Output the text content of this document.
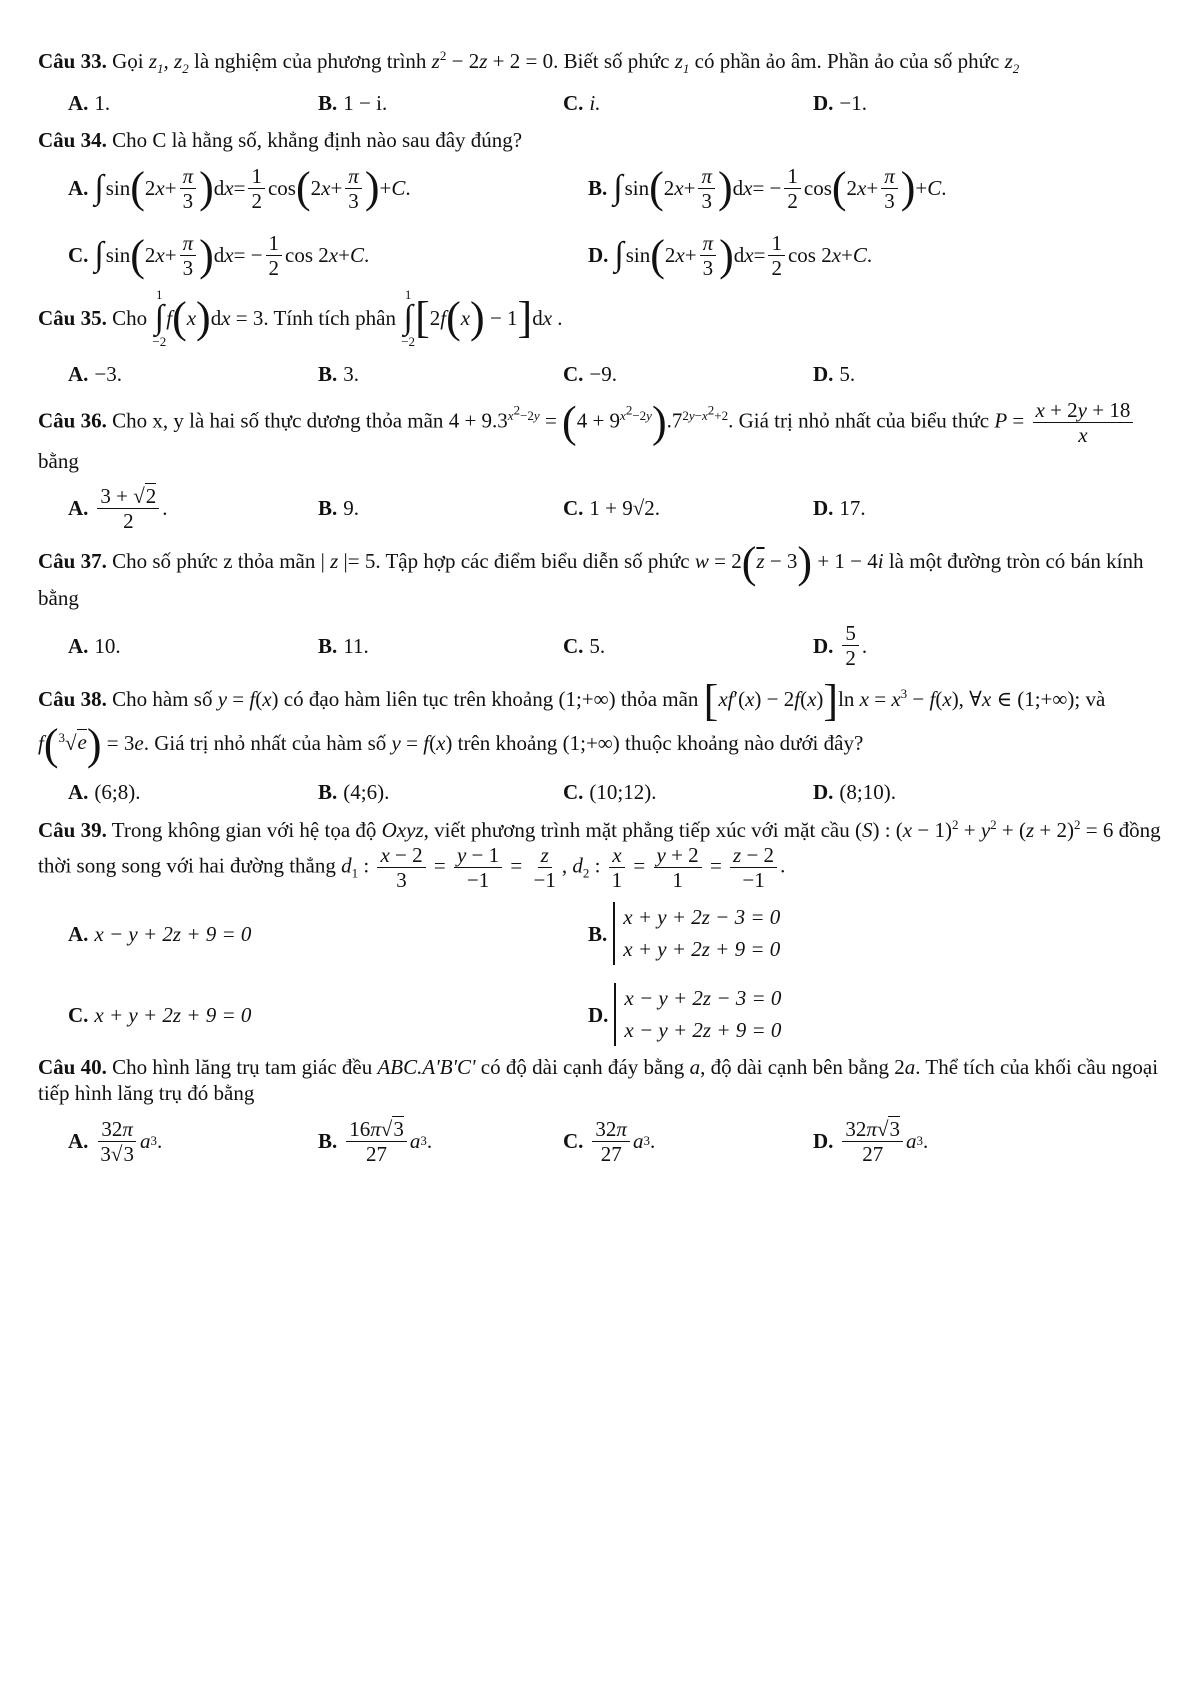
Câu 33. Gọi $z_1$, $z_2$ là nghiệm của phương trình $z^2 - 2z + 2 = 0$. Biết số phức $z_1$ có phần ảo âm. Phần ảo của số phức $z_2$

A. 1.	B. 1 − i.	C. i.	D. −1.

Câu 34. Cho C là hằng số, khẳng định nào sau đây đúng?

A. ∫ sin ( 2 $x + \frac{\pi}{3}$ ) d $x = \frac{1}{2}$ cos ( 2 $x + \frac{\pi}{3}$ ) + C .	B. ∫ sin ( 2 $x + \frac{\pi}{3}$ ) d x = − $\frac{1}{2}$ cos ( 2 $x + \frac{\pi}{3}$ ) + C .
C. ∫ sin ( 2 $x + \frac{\pi}{3}$ ) d x = − $\frac{1}{2}$ cos 2 x + C .	D. ∫ sin ( 2 $x + \frac{\pi}{3}$ ) d $x = \frac{1}{2}$ cos 2 x + C .

Câu 35. Cho
1
∫
−2
f ( x ) d x = 3 . Tính tích phân
1
∫
−2 [ 2 f ( x ) − 1 ] d x .

A. −3.	B. 3.	C. −9.	D. 5.

Câu 36. Cho x, y là hai số thực dương thỏa mãn $4 + 9.3^{x^2-2y} = (4 + 9^{x^2-2y}).7^{2y-x^2+2}$. Giá trị nhỏ nhất của biểu thức $P = \frac{x + 2y + 18}{x}$
bằng

A. $\frac{3 + √2}{2}$ .	B. 9.	C. 1 + 9√2.	D. 17.

Câu 37. Cho số phức z thỏa mãn | z |= 5. Tập hợp các điểm biểu diễn số phức $w = 2(\overline{z} - 3) + 1 - 4i$ là một đường tròn có bán kính bằng

A. 10.	B. 11.	C. 5.	D. $\frac{5}{2}$ .

Câu 38. Cho hàm số y = f(x) có đạo hàm liên tục trên khoảng (1;+∞) thỏa mãn [xf′(x) − 2f(x)]ln $x = x^3 - f(x)$, ∀x ∈ (1;+∞); và f($^3$√e) = 3e. Giá trị nhỏ nhất của hàm số y = f(x) trên khoảng (1;+∞) thuộc khoảng nào dưới đây?

A. (6;8).	B. (4;6).	C. (10;12).	D. (8;10).

Câu 39. Trong không gian với hệ tọa độ Oxyz, viết phương trình mặt phẳng tiếp xúc với mặt cầu (S) : $(x - 1)^2 + y^2 + (z + 2)^2 = 6$ đồng thời song song với hai đường thẳng $d_1$ : $\frac{x - 2}{3} = \frac{y - 1}{-1} = \frac{z}{-1}$ , $d_2$ : $\frac{x}{1} = \frac{y + 2}{1} = \frac{z - 2}{-1}$ .

A. x − y + 2z + 9 = 0	B.
x + y + 2z − 3 = 0
x + y + 2z + 9 = 0
C. x + y + 2z + 9 = 0	D.
x − y + 2z − 3 = 0
x − y + 2z + 9 = 0

Câu 40. Cho hình lăng trụ tam giác đều ABC.A'B'C' có độ dài cạnh đáy bằng a, độ dài cạnh bên bằng 2a. Thể tích của khối cầu ngoại tiếp hình lăng trụ đó bằng

A. $\frac{32\pi}{3√3}$ a 3 .	B. $\frac{16\pi√3}{27}$ a 3 .	C. $\frac{32\pi}{27}$ a 3 .	D. $\frac{32\pi√3}{27}$ a 3 .
